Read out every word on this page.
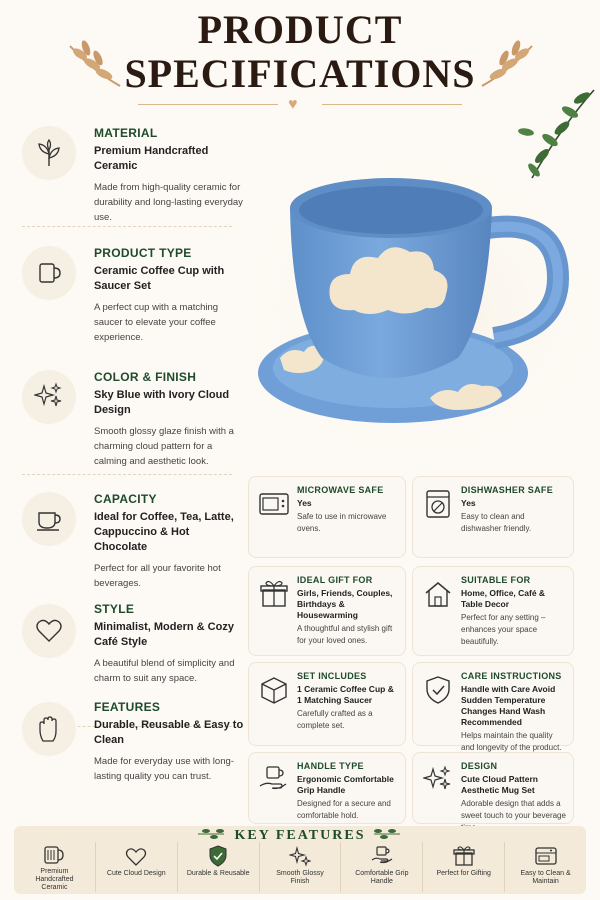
PRODUCT
SPECIFICATIONS
♥
MATERIAL
Premium Handcrafted Ceramic
Made from high-quality ceramic for durability and long-lasting everyday use.
PRODUCT TYPE
Ceramic Coffee Cup with Saucer Set
A perfect cup with a matching saucer to elevate your coffee experience.
COLOR & FINISH
Sky Blue with Ivory Cloud Design
Smooth glossy glaze finish with a charming cloud pattern for a calming and aesthetic look.
CAPACITY
Ideal for Coffee, Tea, Latte, Cappuccino & Hot Chocolate
Perfect for all your favorite hot beverages.
STYLE
Minimalist, Modern & Cozy Café Style
A beautiful blend of simplicity and charm to suit any space.
FEATURES
Durable, Reusable & Easy to Clean
Made for everyday use with long-lasting quality you can trust.
MICROWAVE SAFE
Yes
Safe to use in microwave ovens.
DISHWASHER SAFE
Yes
Easy to clean and dishwasher friendly.
IDEAL GIFT FOR
Girls, Friends, Couples, Birthdays & Housewarming
A thoughtful and stylish gift for your loved ones.
SUITABLE FOR
Home, Office, Café & Table Decor
Perfect for any setting – enhances your space beautifully.
SET INCLUDES
1 Ceramic Coffee Cup & 1 Matching Saucer
Carefully crafted as a complete set.
CARE INSTRUCTIONS
Handle with Care Avoid Sudden Temperature Changes Hand Wash Recommended
Helps maintain the quality and longevity of the product.
HANDLE TYPE
Ergonomic Comfortable Grip Handle
Designed for a secure and comfortable hold.
DESIGN
Cute Cloud Pattern Aesthetic Mug Set
Adorable design that adds a sweet touch to your beverage
KEY FEATURES
Premium Handcrafted Ceramic
Cute Cloud Design	Durable & Reusable	Smooth Glossy Finish
Comfortable Grip Handle
Perfect for Gifting	Easy to Clean & Maintain
